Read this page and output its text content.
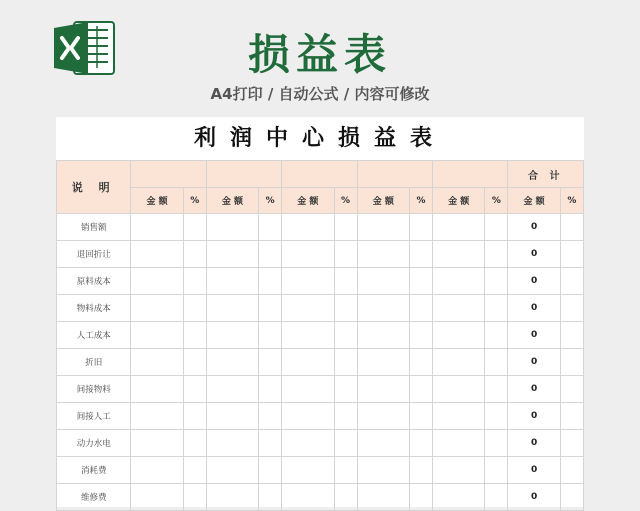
损益表
A4打印 / 自动公式 / 内容可修改
利润中心损益表
说 明											合 计	
	金 额	%	金 额	%	金 额	%	金 额	%	金 额	%	金 额	%
销售额											0	
退回折让											0	
原料成本											0	
物料成本											0	
人工成本											0	
折旧											0	
间接物料											0	
间接人工											0	
动力水电											0	
消耗费											0	
维修费											0	
